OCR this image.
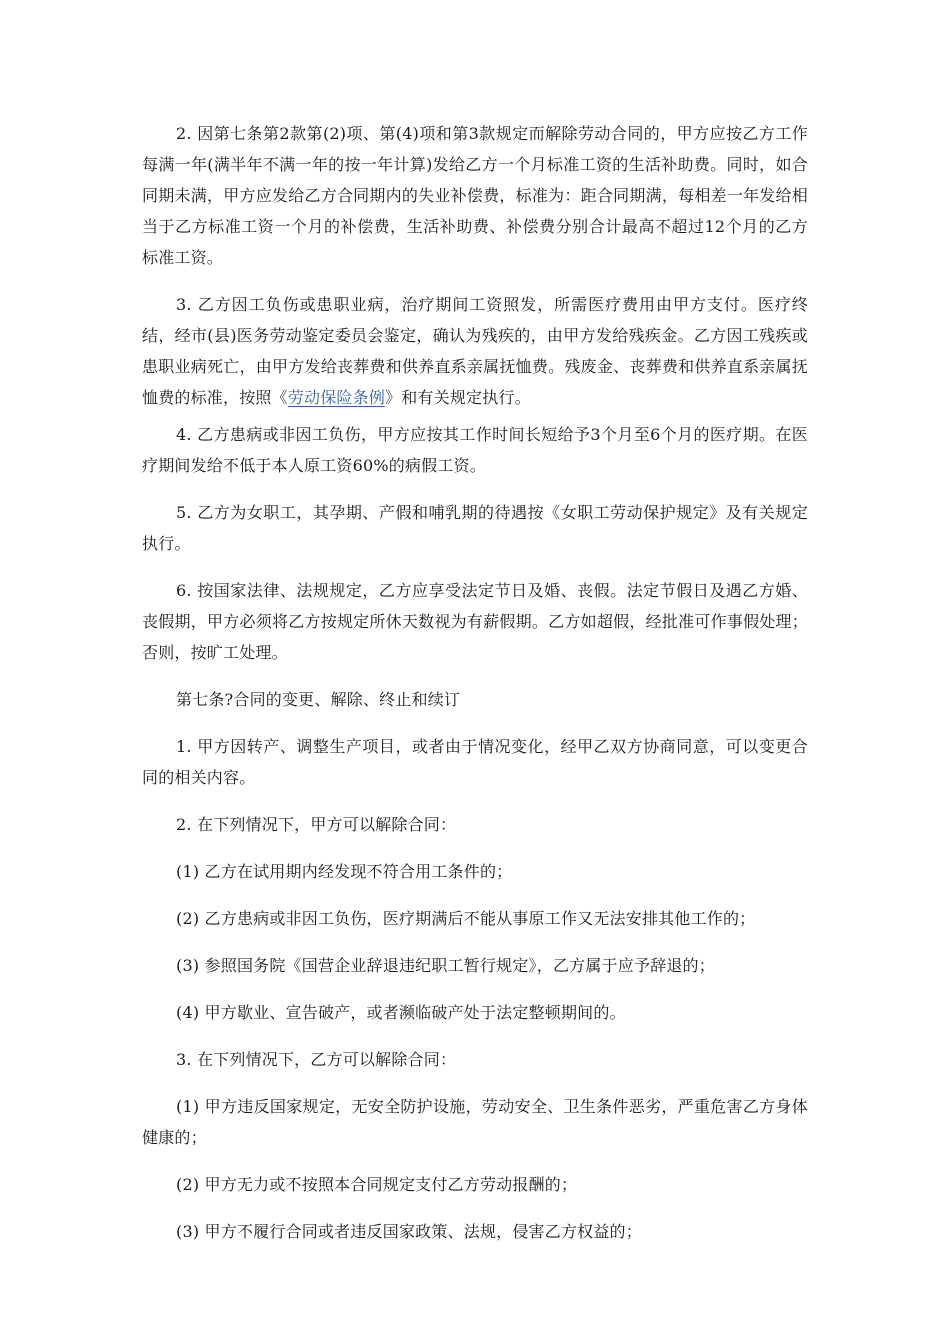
2. 因第七条第2款第(2)项、第(4)项和第3款规定而解除劳动合同的，甲方应按乙方工作每满一年(满半年不满一年的按一年计算)发给乙方一个月标准工资的生活补助费。同时，如合同期未满，甲方应发给乙方合同期内的失业补偿费，标准为：距合同期满，每相差一年发给相当于乙方标准工资一个月的补偿费，生活补助费、补偿费分别合计最高不超过12个月的乙方标准工资。

3. 乙方因工负伤或患职业病，治疗期间工资照发，所需医疗费用由甲方支付。医疗终结，经市(县)医务劳动鉴定委员会鉴定，确认为残疾的，由甲方发给残疾金。乙方因工残疾或患职业病死亡，由甲方发给丧葬费和供养直系亲属抚恤费。残废金、丧葬费和供养直系亲属抚恤费的标准，按照《劳动保险条例》和有关规定执行。

4. 乙方患病或非因工负伤，甲方应按其工作时间长短给予3个月至6个月的医疗期。在医疗期间发给不低于本人原工资60%的病假工资。

5. 乙方为女职工，其孕期、产假和哺乳期的待遇按《女职工劳动保护规定》及有关规定执行。

6. 按国家法律、法规规定，乙方应享受法定节日及婚、丧假。法定节假日及遇乙方婚、丧假期，甲方必须将乙方按规定所休天数视为有薪假期。乙方如超假，经批准可作事假处理；否则，按旷工处理。

第七条?合同的变更、解除、终止和续订

1. 甲方因转产、调整生产项目，或者由于情况变化，经甲乙双方协商同意，可以变更合同的相关内容。

2. 在下列情况下，甲方可以解除合同：

(1) 乙方在试用期内经发现不符合用工条件的；

(2) 乙方患病或非因工负伤，医疗期满后不能从事原工作又无法安排其他工作的；

(3) 参照国务院《国营企业辞退违纪职工暂行规定》，乙方属于应予辞退的；

(4) 甲方歇业、宣告破产，或者濒临破产处于法定整顿期间的。

3. 在下列情况下，乙方可以解除合同：

(1) 甲方违反国家规定，无安全防护设施，劳动安全、卫生条件恶劣，严重危害乙方身体健康的；

(2) 甲方无力或不按照本合同规定支付乙方劳动报酬的；

(3) 甲方不履行合同或者违反国家政策、法规，侵害乙方权益的；
